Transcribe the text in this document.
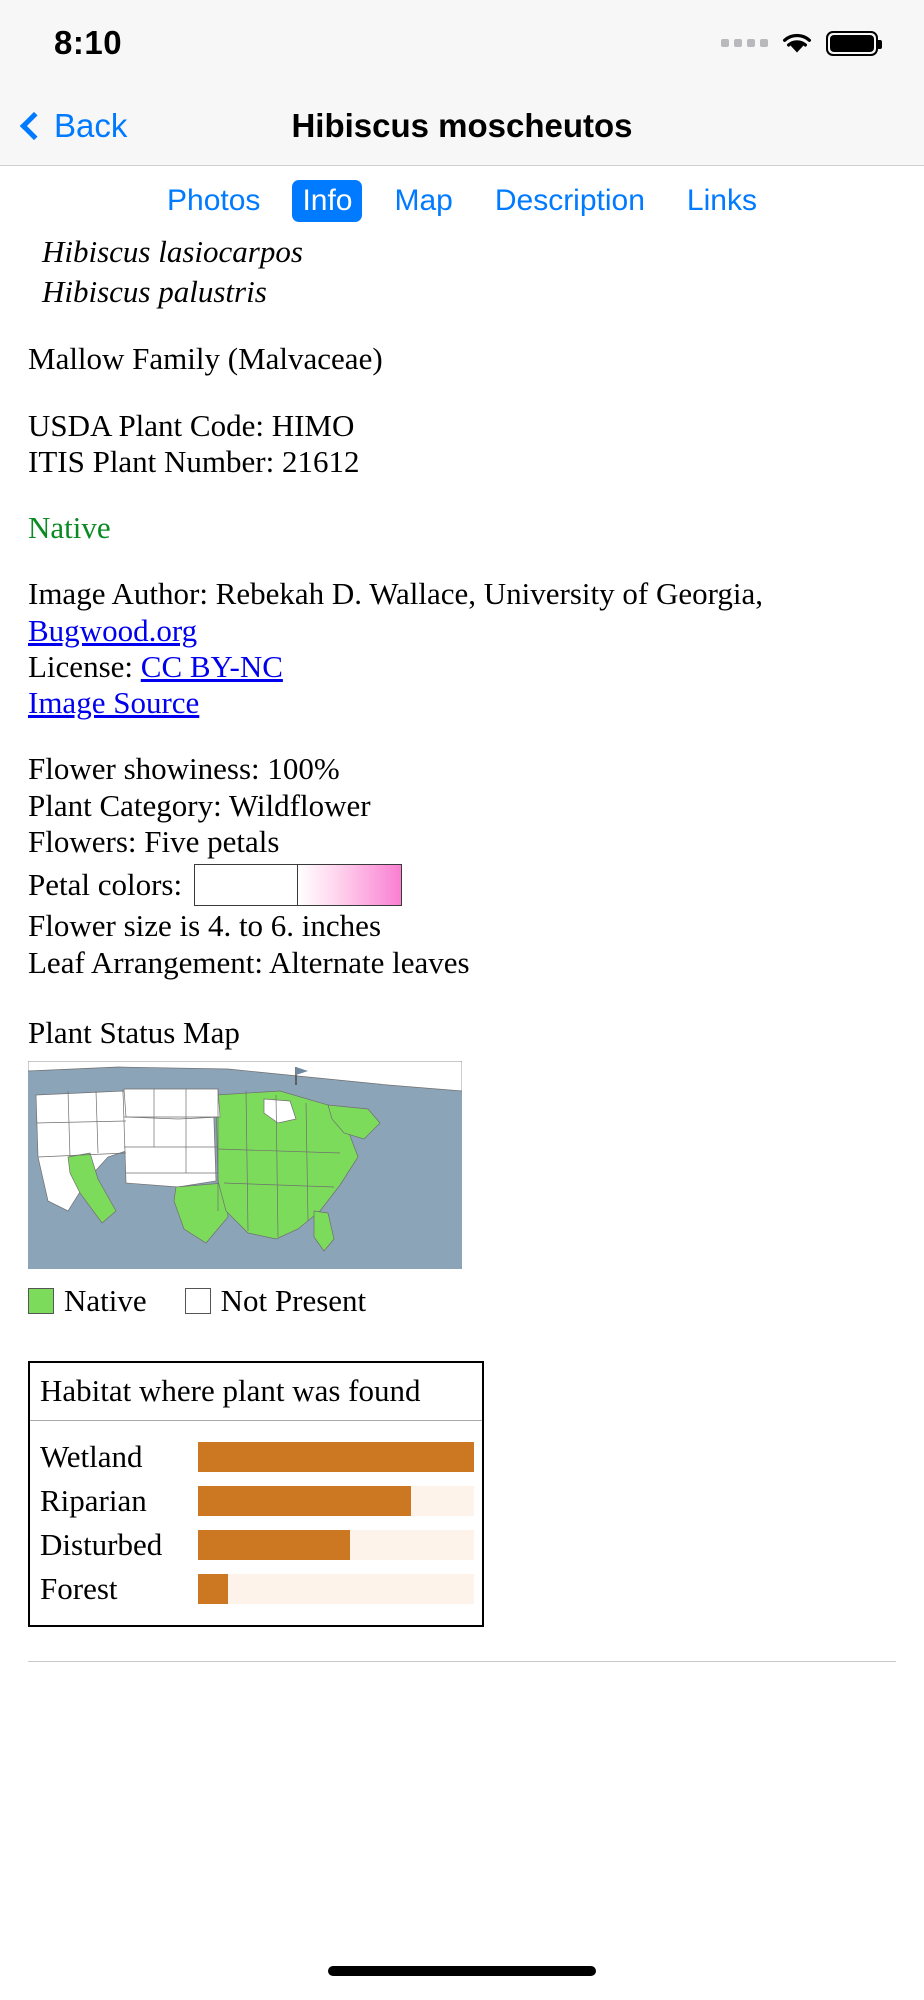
8:10
Back	Hibiscus moscheutos
Photos	Info	Map	Description	Links
Hibiscus lasiocarpos
Hibiscus palustris
Mallow Family (Malvaceae)
USDA Plant Code: HIMO
ITIS Plant Number: 21612
Native
Image Author: Rebekah D. Wallace, University of Georgia,
Bugwood.org
License: CC BY-NC
Image Source
Flower showiness: 100%
Plant Category: Wildflower
Flowers: Five petals
Petal colors:
Flower size is 4. to 6. inches
Leaf Arrangement: Alternate leaves
Plant Status Map
Native Not Present
Habitat where plant was found
Wetland
Riparian
Disturbed
Forest
